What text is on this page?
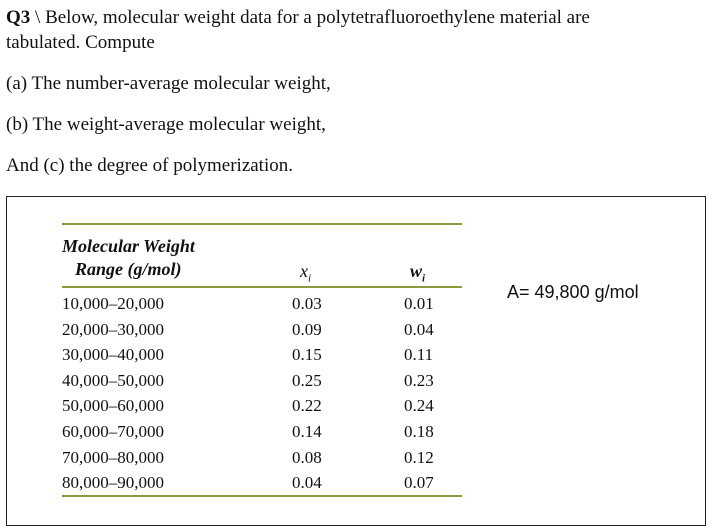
Q3 \ Below, molecular weight data for a polytetrafluoroethylene material are
tabulated. Compute
(a) The number-average molecular weight,
(b) The weight-average molecular weight,
And (c) the degree of polymerization.
Molecular Weight
Range (g/mol)	$x_i$	$w_i$
10,000–20,000	0.03	0.01
20,000–30,000	0.09	0.04
30,000–40,000	0.15	0.11
40,000–50,000	0.25	0.23
50,000–60,000	0.22	0.24
60,000–70,000	0.14	0.18
70,000–80,000	0.08	0.12
80,000–90,000	0.04	0.07
A= 49,800 g/mol
